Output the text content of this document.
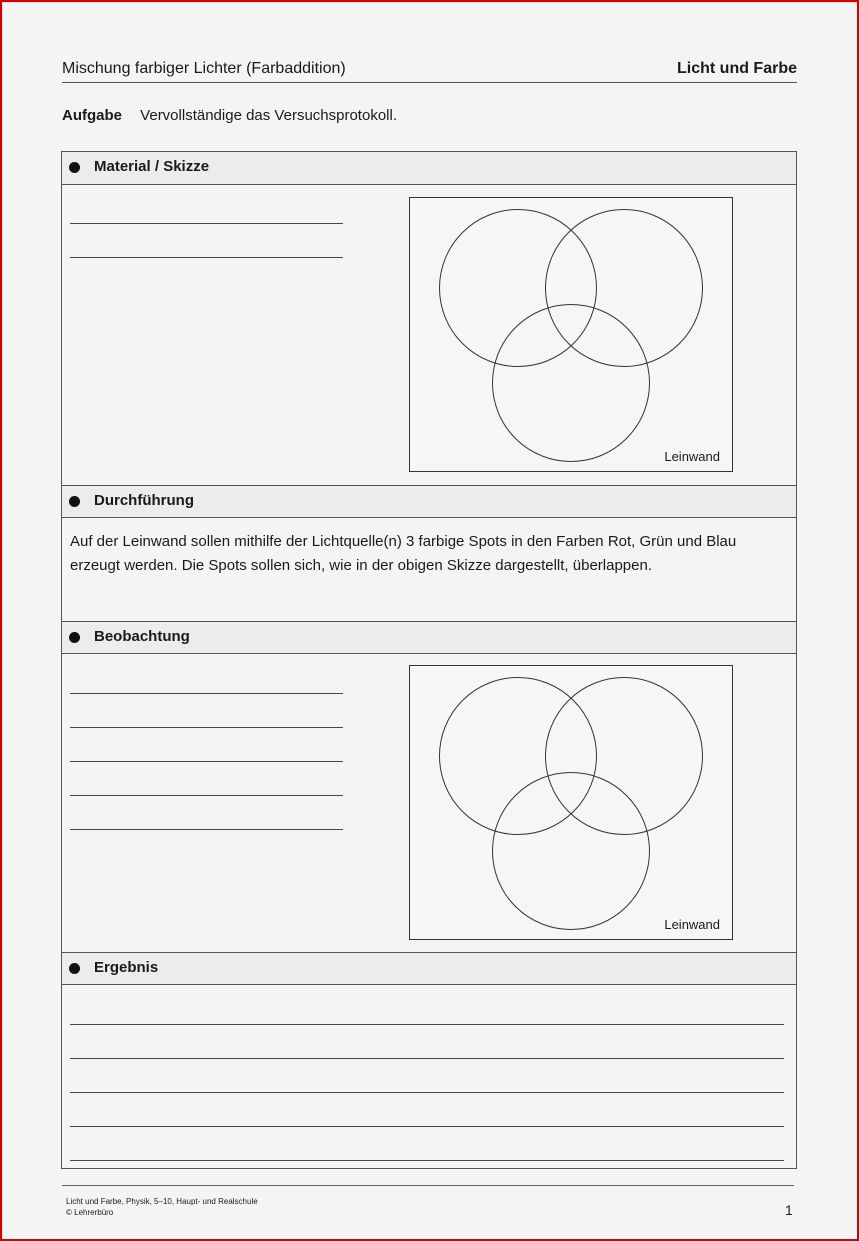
Mischung farbiger Lichter (Farbaddition)	Licht und Farbe
Aufgabe Vervollständige das Versuchsprotokoll.
Material / Skizze
Leinwand
Durchführung
Auf der Leinwand sollen mithilfe der Lichtquelle(n) 3 farbige Spots in den Farben Rot, Grün und Blau erzeugt werden. Die Spots sollen sich, wie in der obigen Skizze dargestellt, überlappen.
Beobachtung
Leinwand
Ergebnis
Licht und Farbe, Physik, 5–10, Haupt- und Realschule
© Lehrerbüro	1
